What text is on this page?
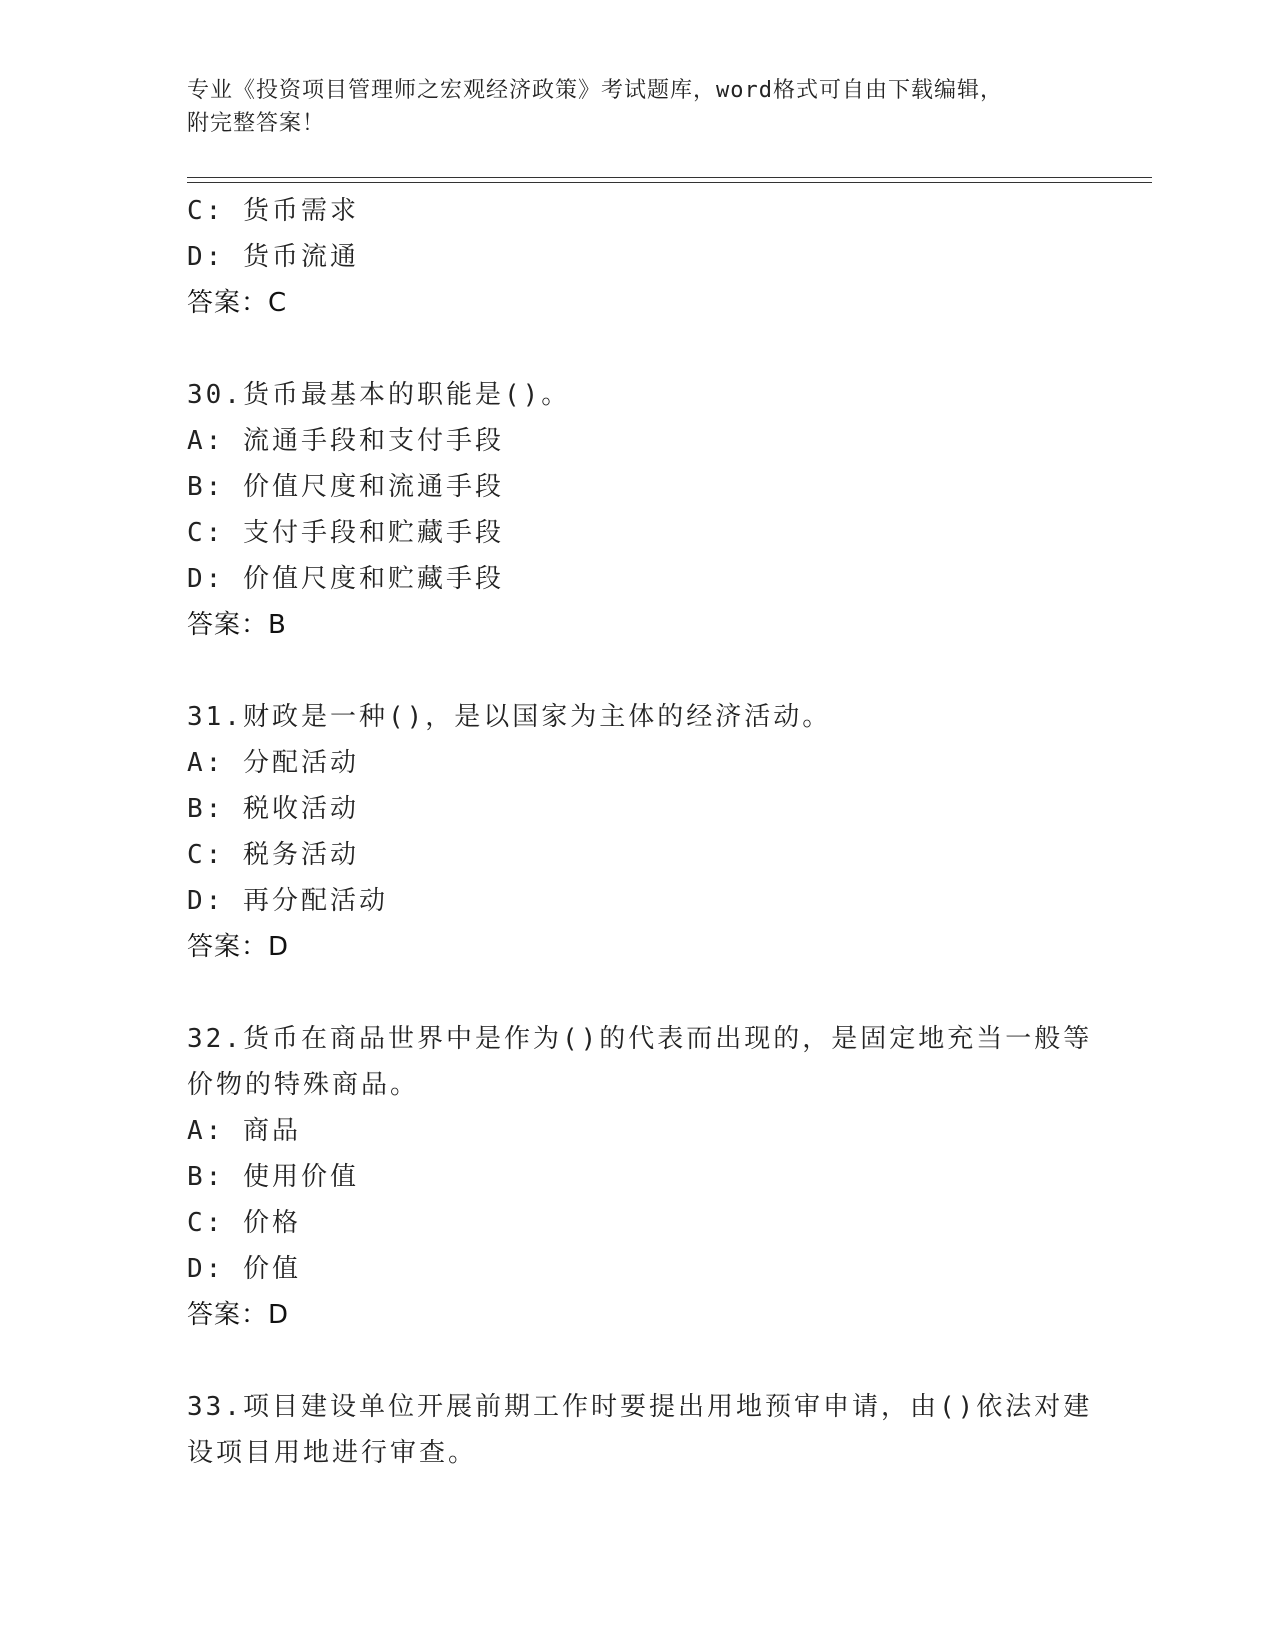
专业《投资项目管理师之宏观经济政策》考试题库，word格式可自由下载编辑，
附完整答案！
C: 货币需求
D: 货币流通
答案：C
30.货币最基本的职能是()。
A: 流通手段和支付手段
B: 价值尺度和流通手段
C: 支付手段和贮藏手段
D: 价值尺度和贮藏手段
答案：B
31.财政是一种()，是以国家为主体的经济活动。
A: 分配活动
B: 税收活动
C: 税务活动
D: 再分配活动
答案：D
32.货币在商品世界中是作为()的代表而出现的，是固定地充当一般等
价物的特殊商品。
A: 商品
B: 使用价值
C: 价格
D: 价值
答案：D
33.项目建设单位开展前期工作时要提出用地预审申请，由()依法对建
设项目用地进行审查。
